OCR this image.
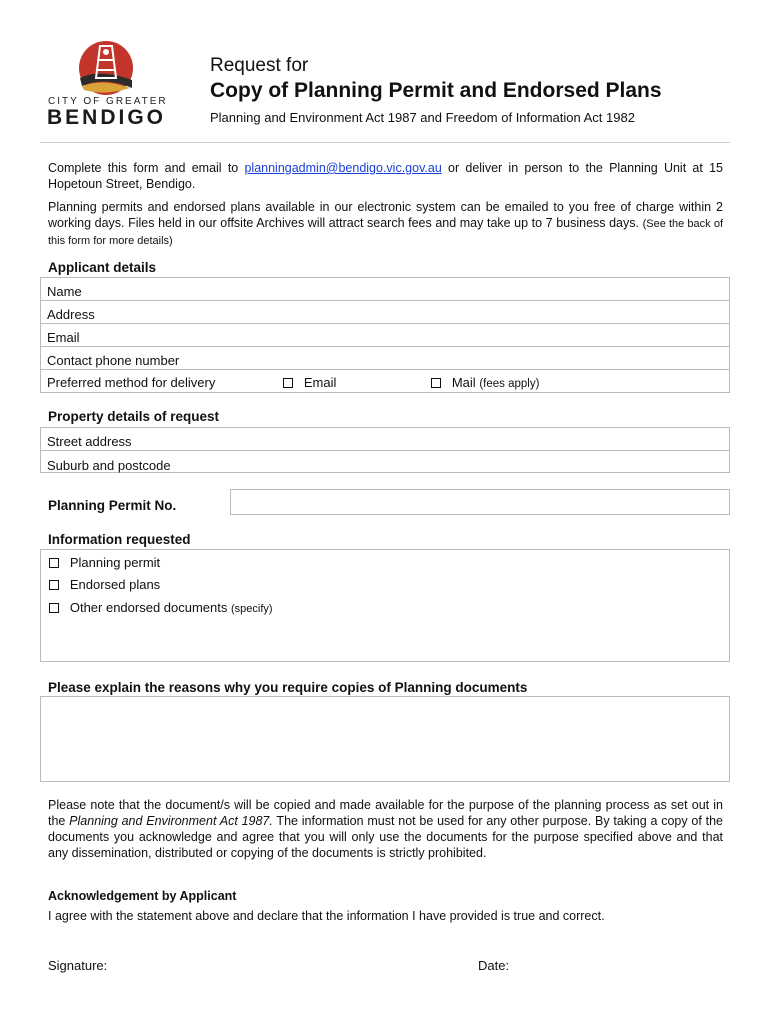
CITY OF GREATER
BENDIGO
Request for
Copy of Planning Permit and Endorsed Plans
Planning and Environment Act 1987 and Freedom of Information Act 1982
Complete this form and email to planningadmin@bendigo.vic.gov.au or deliver in person to the Planning Unit at 15 Hopetoun Street, Bendigo.
Planning permits and endorsed plans available in our electronic system can be emailed to you free of charge within 2 working days. Files held in our offsite Archives will attract search fees and may take up to 7 business days. (See the back of this form for more details)
Applicant details
Name
Address
Email
Contact phone number
Preferred method for delivery	Email	Mail (fees apply)
Property details of request
Street address
Suburb and postcode
Planning Permit No.
Information requested
Planning permit
Endorsed plans
Other endorsed documents (specify)
Please explain the reasons why you require copies of Planning documents
Please note that the document/s will be copied and made available for the purpose of the planning process as set out in the Planning and Environment Act 1987. The information must not be used for any other purpose. By taking a copy of the documents you acknowledge and agree that you will only use the documents for the purpose specified above and that any dissemination, distributed or copying of the documents is strictly prohibited.
Acknowledgement by Applicant
I agree with the statement above and declare that the information I have provided is true and correct.
Signature:	Date:
